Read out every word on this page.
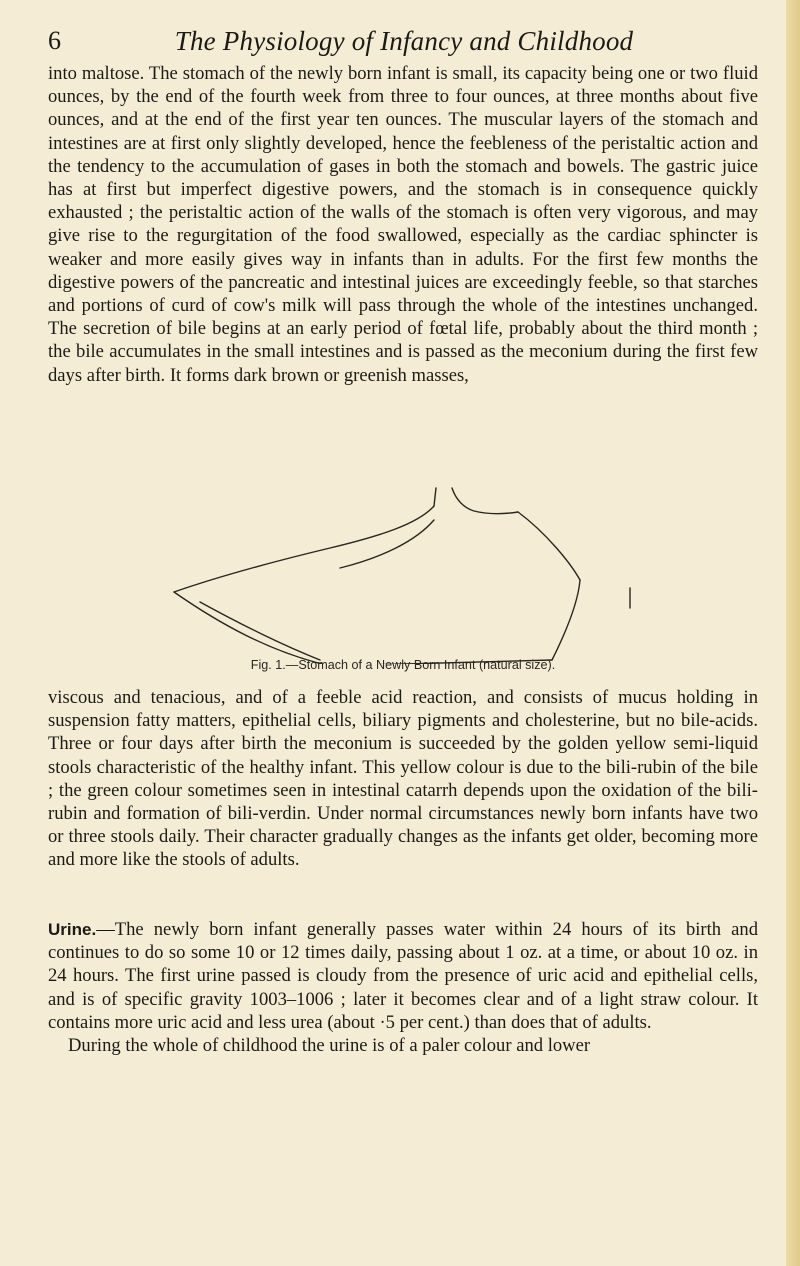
6	The Physiology of Infancy and Childhood

into maltose. The stomach of the newly born infant is small, its capacity being one or two fluid ounces, by the end of the fourth week from three to four ounces, at three months about five ounces, and at the end of the first year ten ounces. The muscular layers of the stomach and intestines are at first only slightly developed, hence the feebleness of the peristaltic action and the tendency to the accumulation of gases in both the stomach and bowels. The gastric juice has at first but imperfect digestive powers, and the stomach is in consequence quickly exhausted ; the peristaltic action of the walls of the stomach is often very vigorous, and may give rise to the regurgitation of the food swallowed, especially as the cardiac sphincter is weaker and more easily gives way in infants than in adults. For the first few months the digestive powers of the pancreatic and intestinal juices are exceedingly feeble, so that starches and portions of curd of cow's milk will pass through the whole of the intestines unchanged. The secretion of bile begins at an early period of fœtal life, probably about the third month ; the bile accumulates in the small intestines and is passed as the meconium during the first few days after birth. It forms dark brown or greenish masses,

Fig. 1.—Stomach of a Newly Born Infant (natural size).

viscous and tenacious, and of a feeble acid reaction, and consists of mucus holding in suspension fatty matters, epithelial cells, biliary pigments and cholesterine, but no bile-acids. Three or four days after birth the meconium is succeeded by the golden yellow semi-liquid stools characteristic of the healthy infant. This yellow colour is due to the bili-rubin of the bile ; the green colour sometimes seen in intestinal catarrh depends upon the oxidation of the bili-rubin and formation of bili-verdin. Under normal circumstances newly born infants have two or three stools daily. Their character gradually changes as the infants get older, becoming more and more like the stools of adults.

Urine.—The newly born infant generally passes water within 24 hours of its birth and continues to do so some 10 or 12 times daily, passing about 1 oz. at a time, or about 10 oz. in 24 hours. The first urine passed is cloudy from the presence of uric acid and epithelial cells, and is of specific gravity 1003–1006 ; later it becomes clear and of a light straw colour. It contains more uric acid and less urea (about ·5 per cent.) than does that of adults.

During the whole of childhood the urine is of a paler colour and lower
